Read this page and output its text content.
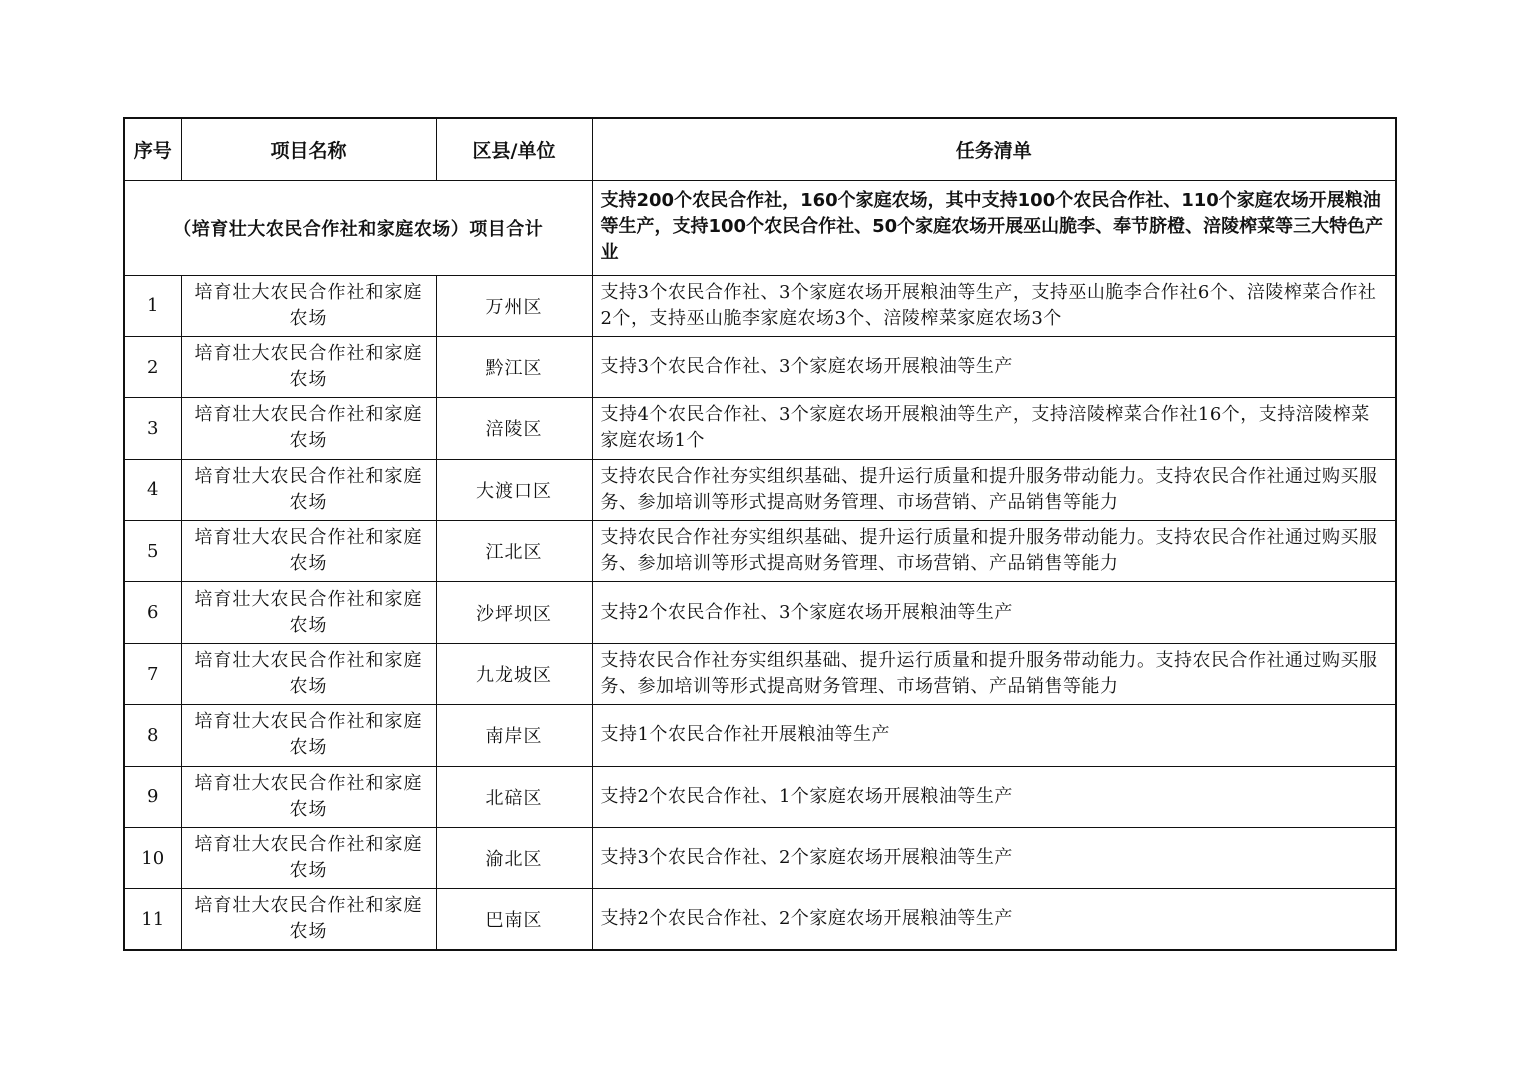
序号	项目名称	区县/单位	任务清单
（培育壮大农民合作社和家庭农场）项目合计			支持200个农民合作社，160个家庭农场，其中支持100个农民合作社、110个家庭农场开展粮油等生产，支持100个农民合作社、50个家庭农场开展巫山脆李、奉节脐橙、涪陵榨菜等三大特色产业
1	培育壮大农民合作社和家庭农场	万州区	支持3个农民合作社、3个家庭农场开展粮油等生产，支持巫山脆李合作社6个、涪陵榨菜合作社2个，支持巫山脆李家庭农场3个、涪陵榨菜家庭农场3个
2	培育壮大农民合作社和家庭农场	黔江区	支持3个农民合作社、3个家庭农场开展粮油等生产
3	培育壮大农民合作社和家庭农场	涪陵区	支持4个农民合作社、3个家庭农场开展粮油等生产，支持涪陵榨菜合作社16个，支持涪陵榨菜家庭农场1个
4	培育壮大农民合作社和家庭农场	大渡口区	支持农民合作社夯实组织基础、提升运行质量和提升服务带动能力。支持农民合作社通过购买服务、参加培训等形式提高财务管理、市场营销、产品销售等能力
5	培育壮大农民合作社和家庭农场	江北区	支持农民合作社夯实组织基础、提升运行质量和提升服务带动能力。支持农民合作社通过购买服务、参加培训等形式提高财务管理、市场营销、产品销售等能力
6	培育壮大农民合作社和家庭农场	沙坪坝区	支持2个农民合作社、3个家庭农场开展粮油等生产
7	培育壮大农民合作社和家庭农场	九龙坡区	支持农民合作社夯实组织基础、提升运行质量和提升服务带动能力。支持农民合作社通过购买服务、参加培训等形式提高财务管理、市场营销、产品销售等能力
8	培育壮大农民合作社和家庭农场	南岸区	支持1个农民合作社开展粮油等生产
9	培育壮大农民合作社和家庭农场	北碚区	支持2个农民合作社、1个家庭农场开展粮油等生产
10	培育壮大农民合作社和家庭农场	渝北区	支持3个农民合作社、2个家庭农场开展粮油等生产
11	培育壮大农民合作社和家庭农场	巴南区	支持2个农民合作社、2个家庭农场开展粮油等生产
